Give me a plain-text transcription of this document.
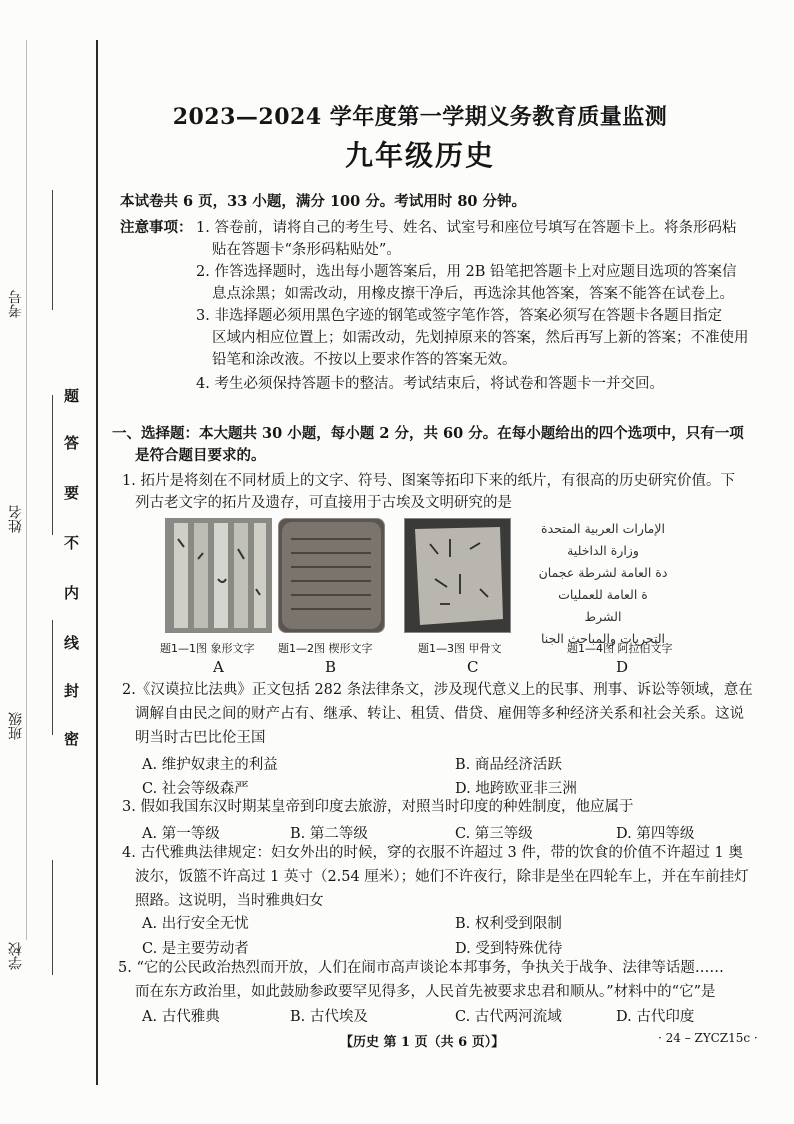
考号
姓名
班级
学校
题
答
要
不
内
线
封
密
2023—2024 学年度第一学期义务教育质量监测
九年级历史
本试卷共 6 页，33 小题，满分 100 分。考试用时 80 分钟。
注意事项： 1. 答卷前，请将自己的考生号、姓名、试室号和座位号填写在答题卡上。将条形码粘
贴在答题卡“条形码粘贴处”。
2. 作答选择题时，选出每小题答案后，用 2B 铅笔把答题卡上对应题目选项的答案信
息点涂黑；如需改动，用橡皮擦干净后，再选涂其他答案，答案不能答在试卷上。
3. 非选择题必须用黑色字迹的钢笔或签字笔作答，答案必须写在答题卡各题目指定
区域内相应位置上；如需改动，先划掉原来的答案，然后再写上新的答案；不准使用
铅笔和涂改液。不按以上要求作答的答案无效。
4. 考生必须保持答题卡的整洁。考试结束后，将试卷和答题卡一并交回。
一、选择题：本大题共 30 小题，每小题 2 分，共 60 分。在每小题给出的四个选项中，只有一项
是符合题目要求的。
1. 拓片是将刻在不同材质上的文字、符号、图案等拓印下来的纸片，有很高的历史研究价值。下
列古老文字的拓片及遗存，可直接用于古埃及文明研究的是
الإمارات العربية المتحدة
وزارة الداخلية
دة العامة لشرطة عجمان
ة العامة للعمليات الشرط
التحريات والمباحث الجنا
题1—1图 象形文字 题1—2图 楔形文字	题1—3图 甲骨文	题1—4图 阿拉伯文字
A	B	C	D
2.《汉谟拉比法典》正文包括 282 条法律条文，涉及现代意义上的民事、刑事、诉讼等领域，意在
调解自由民之间的财产占有、继承、转让、租赁、借贷、雇佣等多种经济关系和社会关系。这说
明当时古巴比伦王国
A. 维护奴隶主的利益	B. 商品经济活跃
C. 社会等级森严	D. 地跨欧亚非三洲
3. 假如我国东汉时期某皇帝到印度去旅游，对照当时印度的种姓制度，他应属于
A. 第一等级	B. 第二等级	C. 第三等级	D. 第四等级
4. 古代雅典法律规定：妇女外出的时候，穿的衣服不许超过 3 件，带的饮食的价值不许超过 1 奥
波尔，饭篮不许高过 1 英寸（2.54 厘米）；她们不许夜行，除非是坐在四轮车上，并在车前挂灯
照路。这说明，当时雅典妇女
A. 出行安全无忧	B. 权利受到限制
C. 是主要劳动者	D. 受到特殊优待
5. “它的公民政治热烈而开放，人们在闹市高声谈论本邦事务，争执关于战争、法律等话题……
而在东方政治里，如此鼓励参政要罕见得多，人民首先被要求忠君和顺从。”材料中的“它”是
A. 古代雅典	B. 古代埃及	C. 古代两河流域	D. 古代印度
【历史 第 1 页（共 6 页）】	· 24 – ZYCZ15c ·
